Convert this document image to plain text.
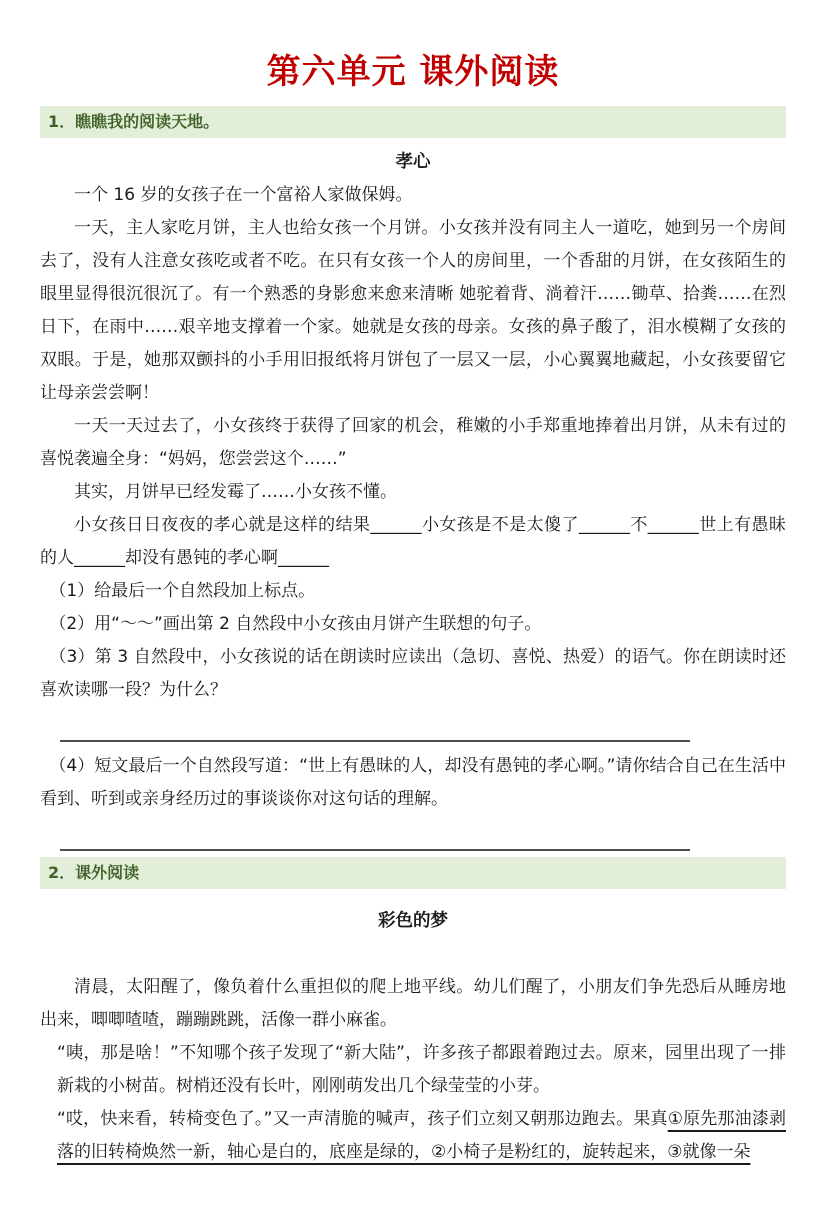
第六单元 课外阅读
1．瞧瞧我的阅读天地。
孝心

一个 16 岁的女孩子在一个富裕人家做保姆。

一天，主人家吃月饼，主人也给女孩一个月饼。小女孩并没有同主人一道吃，她到另一个房间去了，没有人注意女孩吃或者不吃。在只有女孩一个人的房间里，一个香甜的月饼，在女孩陌生的眼里显得很沉很沉了。有一个熟悉的身影愈来愈来清晰 她驼着背、淌着汗……锄草、拾粪……在烈日下，在雨中……艰辛地支撑着一个家。她就是女孩的母亲。女孩的鼻子酸了，泪水模糊了女孩的双眼。于是，她那双颤抖的小手用旧报纸将月饼包了一层又一层，小心翼翼地藏起，小女孩要留它让母亲尝尝啊！

一天一天过去了，小女孩终于获得了回家的机会，稚嫩的小手郑重地捧着出月饼，从未有过的喜悦袭遍全身：“妈妈，您尝尝这个……”

其实，月饼早已经发霉了……小女孩不懂。

小女孩日日夜夜的孝心就是这样的结果______小女孩是不是太傻了______不______世上有愚昧的人______却没有愚钝的孝心啊______

（1）给最后一个自然段加上标点。

（2）用“～～”画出第 2 自然段中小女孩由月饼产生联想的句子。

（3）第 3 自然段中，小女孩说的话在朗读时应读出（急切、喜悦、热爱）的语气。你在朗读时还喜欢读哪一段？为什么？

（4）短文最后一个自然段写道：“世上有愚昧的人，却没有愚钝的孝心啊。”请你结合自己在生活中看到、听到或亲身经历过的事谈谈你对这句话的理解。

2．课外阅读
彩色的梦

清晨，太阳醒了，像负着什么重担似的爬上地平线。幼儿们醒了，小朋友们争先恐后从睡房地出来，唧唧喳喳，蹦蹦跳跳，活像一群小麻雀。

“咦，那是啥！”不知哪个孩子发现了“新大陆”，许多孩子都跟着跑过去。原来，园里出现了一排新栽的小树苗。树梢还没有长叶，刚刚萌发出几个绿莹莹的小芽。

“哎，快来看，转椅变色了。”又一声清脆的喊声，孩子们立刻又朝那边跑去。果真①原先那油漆剥落的旧转椅焕然一新，轴心是白的，底座是绿的，②小椅子是粉红的，旋转起来，③就像一朵
